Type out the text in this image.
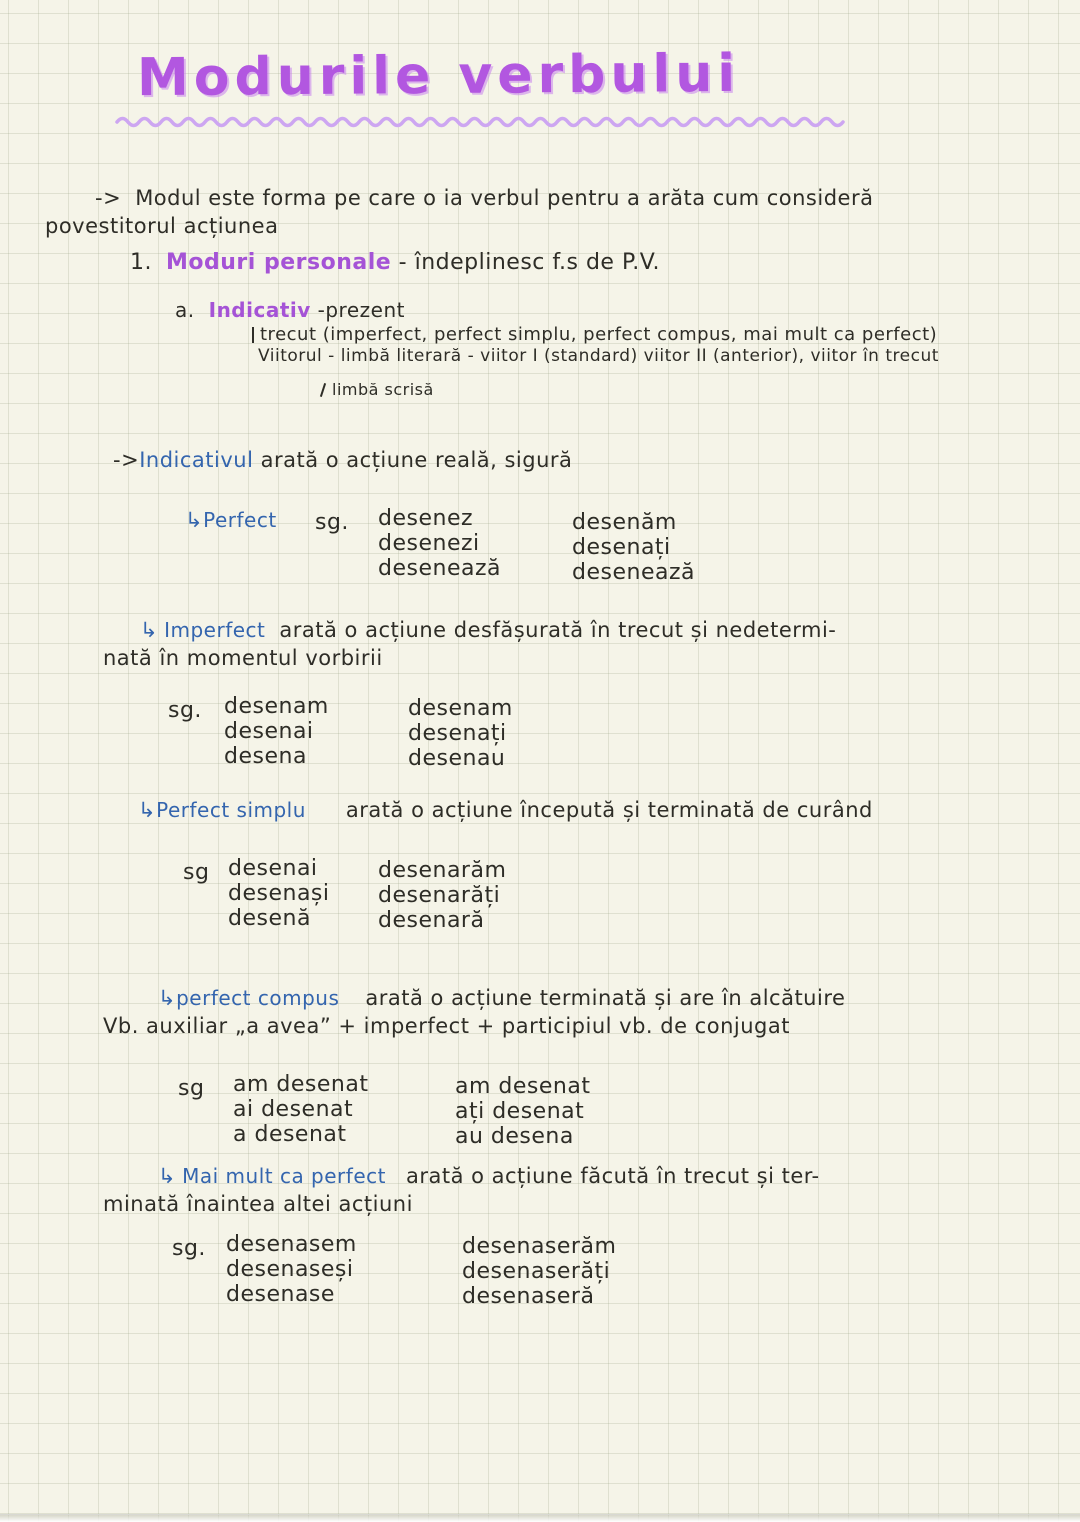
Modurile verbului
-> Modul este forma pe care o ia verbul pentru a arăta cum consideră
povestitorul acțiunea
1. Moduri personale - îndeplinesc f.s de P.V.
a. Indicativ -prezent
trecut (imperfect, perfect simplu, perfect compus, mai mult ca perfect)
Viitorul - limbă literară - viitor I (standard) viitor II (anterior), viitor în trecut
limbă scrisă
->Indicativul arată o acțiune reală, sigură
↳Perfect sg. desenez
desenezi
desenează
desenăm
desenați
desenează
↳ Imperfect arată o acțiune desfășurată în trecut și nedetermi-
nată în momentul vorbirii
sg. desenam
desenai
desena
desenam
desenați
desenau
↳Perfect simplu arată o acțiune începută și terminată de curând
sg desenai
desenași
desenă
desenarăm
desenarăți
desenară
↳perfect compus arată o acțiune terminată și are în alcătuire
Vb. auxiliar „a avea” + imperfect + participiul vb. de conjugat
sg am desenat
ai desenat
a desenat
am desenat
ați desenat
au desena
↳ Mai mult ca perfect arată o acțiune făcută în trecut și ter-
minată înaintea altei acțiuni
sg. desenasem
desenaseși
desenase
desenaserăm
desenaserăți
desenaseră
